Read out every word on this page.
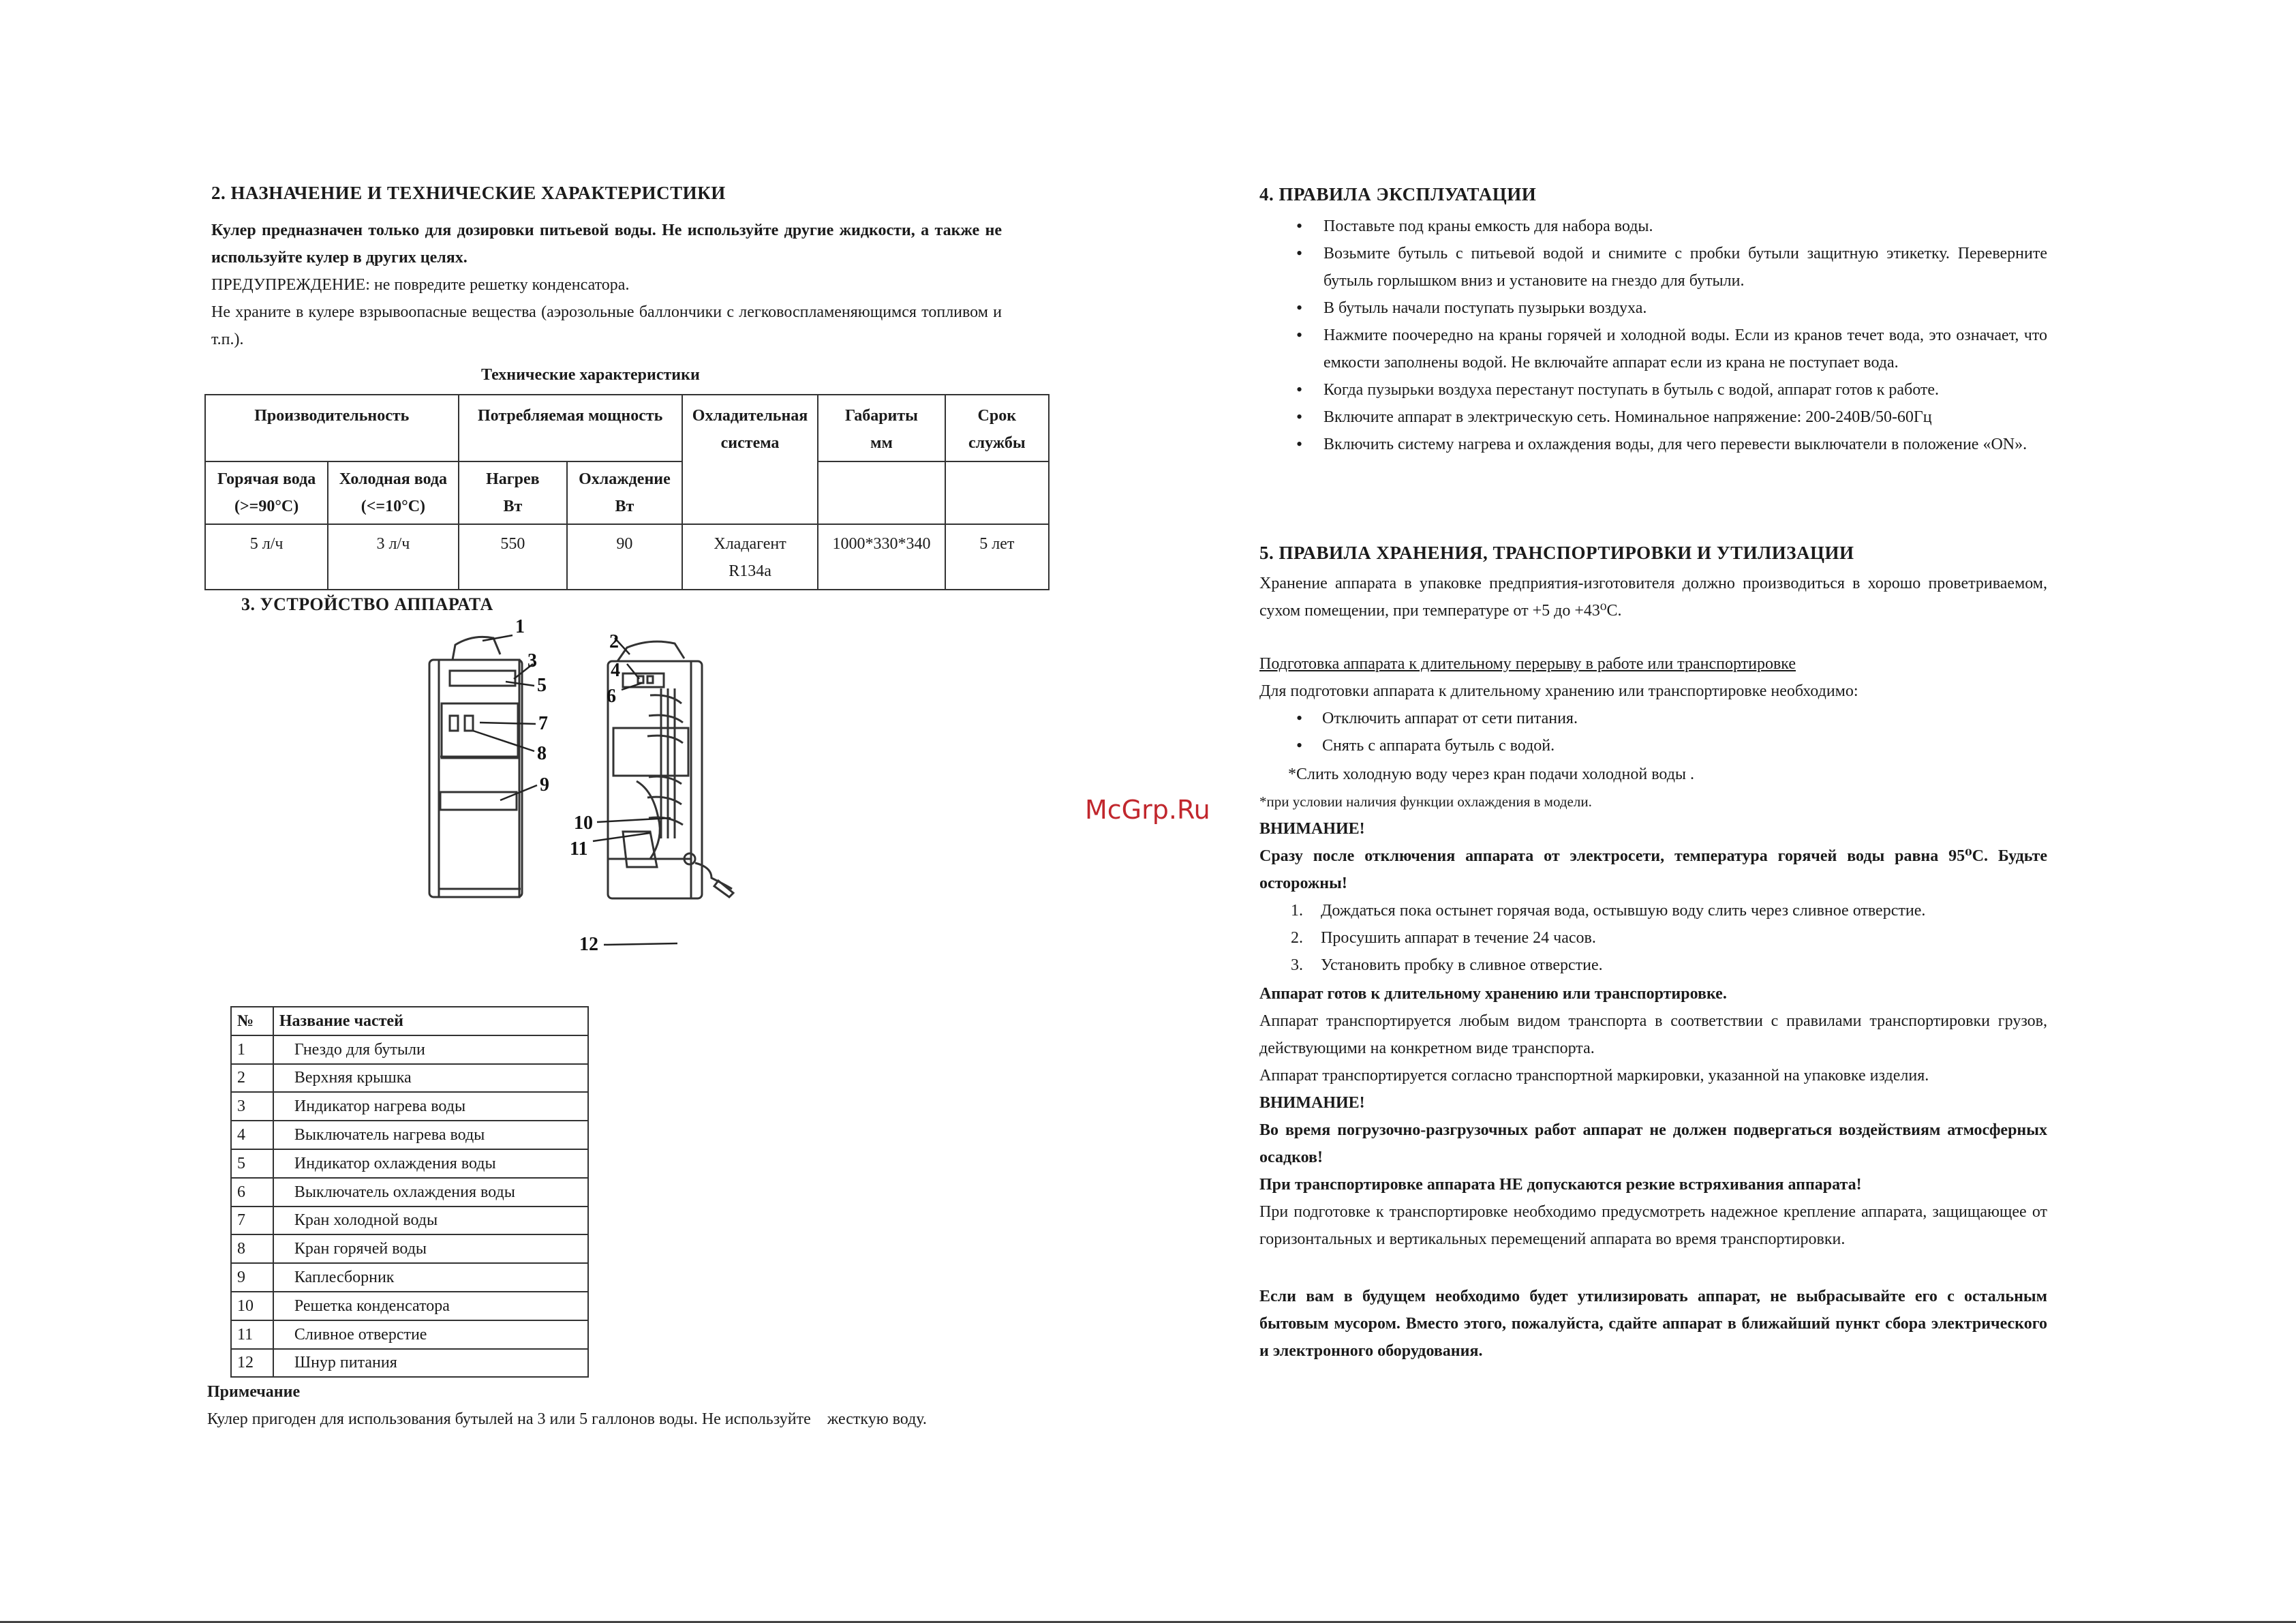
2. НАЗНАЧЕНИЕ И ТЕХНИЧЕСКИЕ ХАРАКТЕРИСТИКИ

Кулер предназначен только для дозировки питьевой воды. Не используйте другие жидкости, а также не используйте кулер в других целях.

ПРЕДУПРЕЖДЕНИЕ: не повредите решетку конденсатора.

Не храните в кулере взрывоопасные вещества (аэрозольные баллончики с легковоспламеняющимся топливом и т.п.).

Технические характеристики

Производительность		Потребляемая мощность		Охладительная система	Габариты мм	Срок службы
Горячая вода (>=90°С)	Холодная вода (<=10°С)	Нагрев Вт	Охлаждение Вт			
5 л/ч	3 л/ч	550	90	Хладагент R134a	1000*330*340	5 лет
3. УСТРОЙСТВО АППАРАТА
1
2
3	4
5
6
7
8
9
10
11
12
№	Название частей
1	Гнездо для бутыли
2	Верхняя крышка
3	Индикатор нагрева воды
4	Выключатель нагрева воды
5	Индикатор охлаждения воды
6	Выключатель охлаждения воды
7	Кран холодной воды
8	Кран горячей воды
9	Каплесборник
10	Решетка конденсатора
11	Сливное отверстие
12	Шнур питания

Примечание

Кулер пригоден для использования бутылей на 3 или 5 галлонов воды. Не используйте    жесткую воду.

4. ПРАВИЛА ЭКСПЛУАТАЦИИ
• Поставьте под краны емкость для набора воды.
• Возьмите бутыль с питьевой водой и снимите с пробки бутыли защитную этикетку. Переверните бутыль горлышком вниз и установите на гнездо для бутыли.
• В бутыль начали поступать пузырьки воздуха.
• Нажмите поочередно на краны горячей и холодной воды. Если из кранов течет вода, это означает, что емкости заполнены водой. Не включайте аппарат если из крана не поступает вода.
• Когда пузырьки воздуха перестанут поступать в бутыль с водой, аппарат готов к работе.
• Включите аппарат в электрическую сеть. Номинальное напряжение: 200-240В/50-60Гц
• Включить систему нагрева и охлаждения воды, для чего перевести выключатели в положение «ON».
5. ПРАВИЛА ХРАНЕНИЯ, ТРАНСПОРТИРОВКИ И УТИЛИЗАЦИИ

Хранение аппарата в упаковке предприятия-изготовителя должно производиться в хорошо проветриваемом, сухом помещении, при температуре от +5 до +43⁰С.

Подготовка аппарата к длительному перерыву в работе или транспортировке

Для подготовки аппарата к длительному хранению или транспортировке необходимо:

• Отключить аппарат от сети питания.
• Снять с аппарата бутыль с водой.

*Слить холодную воду через кран подачи холодной воды .

*при условии наличия функции охлаждения в модели.

ВНИМАНИЕ!

Сразу после отключения аппарата от электросети, температура горячей воды равна 95⁰С. Будьте осторожны!

1. Дождаться пока остынет горячая вода, остывшую воду слить через сливное отверстие.
2. Просушить аппарат в течение 24 часов.
3. Установить пробку в сливное отверстие.

Аппарат готов к длительному хранению или транспортировке.

Аппарат транспортируется любым видом транспорта в соответствии с правилами транспортировки грузов, действующими на конкретном виде транспорта.

Аппарат транспортируется согласно транспортной маркировки, указанной на упаковке изделия.

ВНИМАНИЕ!

Во время погрузочно-разгрузочных работ аппарат не должен подвергаться воздействиям атмосферных осадков!

При транспортировке аппарата НЕ допускаются резкие встряхивания аппарата!

При подготовке к транспортировке необходимо предусмотреть надежное крепление аппарата, защищающее от горизонтальных и вертикальных перемещений аппарата во время транспортировки.

Если вам в будущем необходимо будет утилизировать аппарат, не выбрасывайте его с остальным бытовым мусором. Вместо этого, пожалуйста, сдайте аппарат в ближайший пункт сбора электрического и электронного оборудования.

McGrp.Ru
